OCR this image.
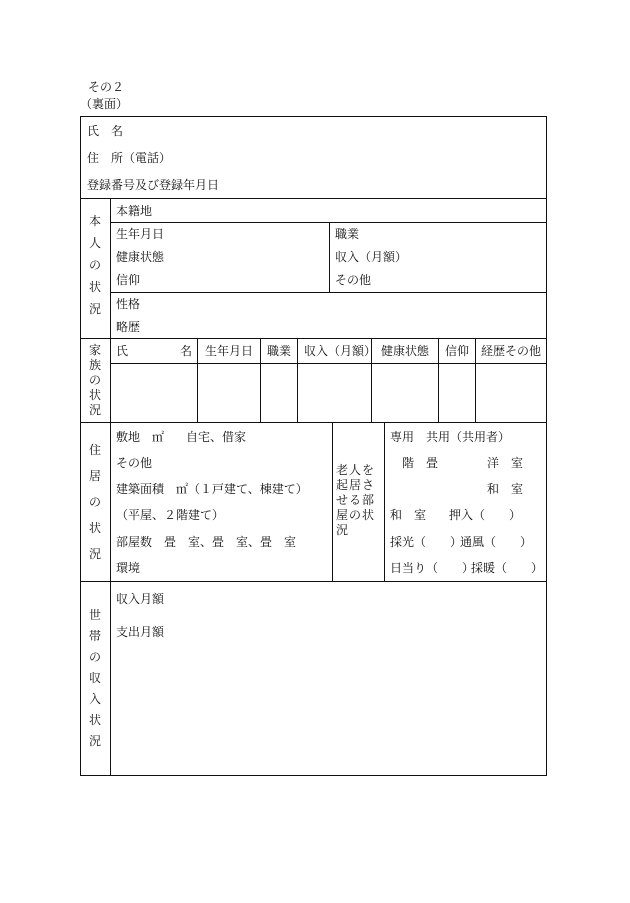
その２
（裏面）
氏　名
住　所（電話）
登録番号及び登録年月日
本
人
の
状
況
本籍地
生年月日
健康状態
信仰
職業
収入（月額）
その他
性格
略歴
家
族
の
状
況
氏	名 生年月日 職業 収入（月額） 健康状態 信仰 経歴その他
住
居
の
状
況
敷地　㎡ 自宅、借家
その他
建築面積　㎡（１戸建て、棟建て）
（平屋、２階建て）
部屋数　畳　室、畳　室、畳　室
環境
老人を
起居さ
せる部
屋の状
況
専用　共用（共用者）
階　畳	洋　室
和　室
和　室 押入（　　）
採光（　　）
通風（　　）
日当り（　　）
採暖（　　）
世
帯
の
収
入
状
況
収入月額
支出月額
